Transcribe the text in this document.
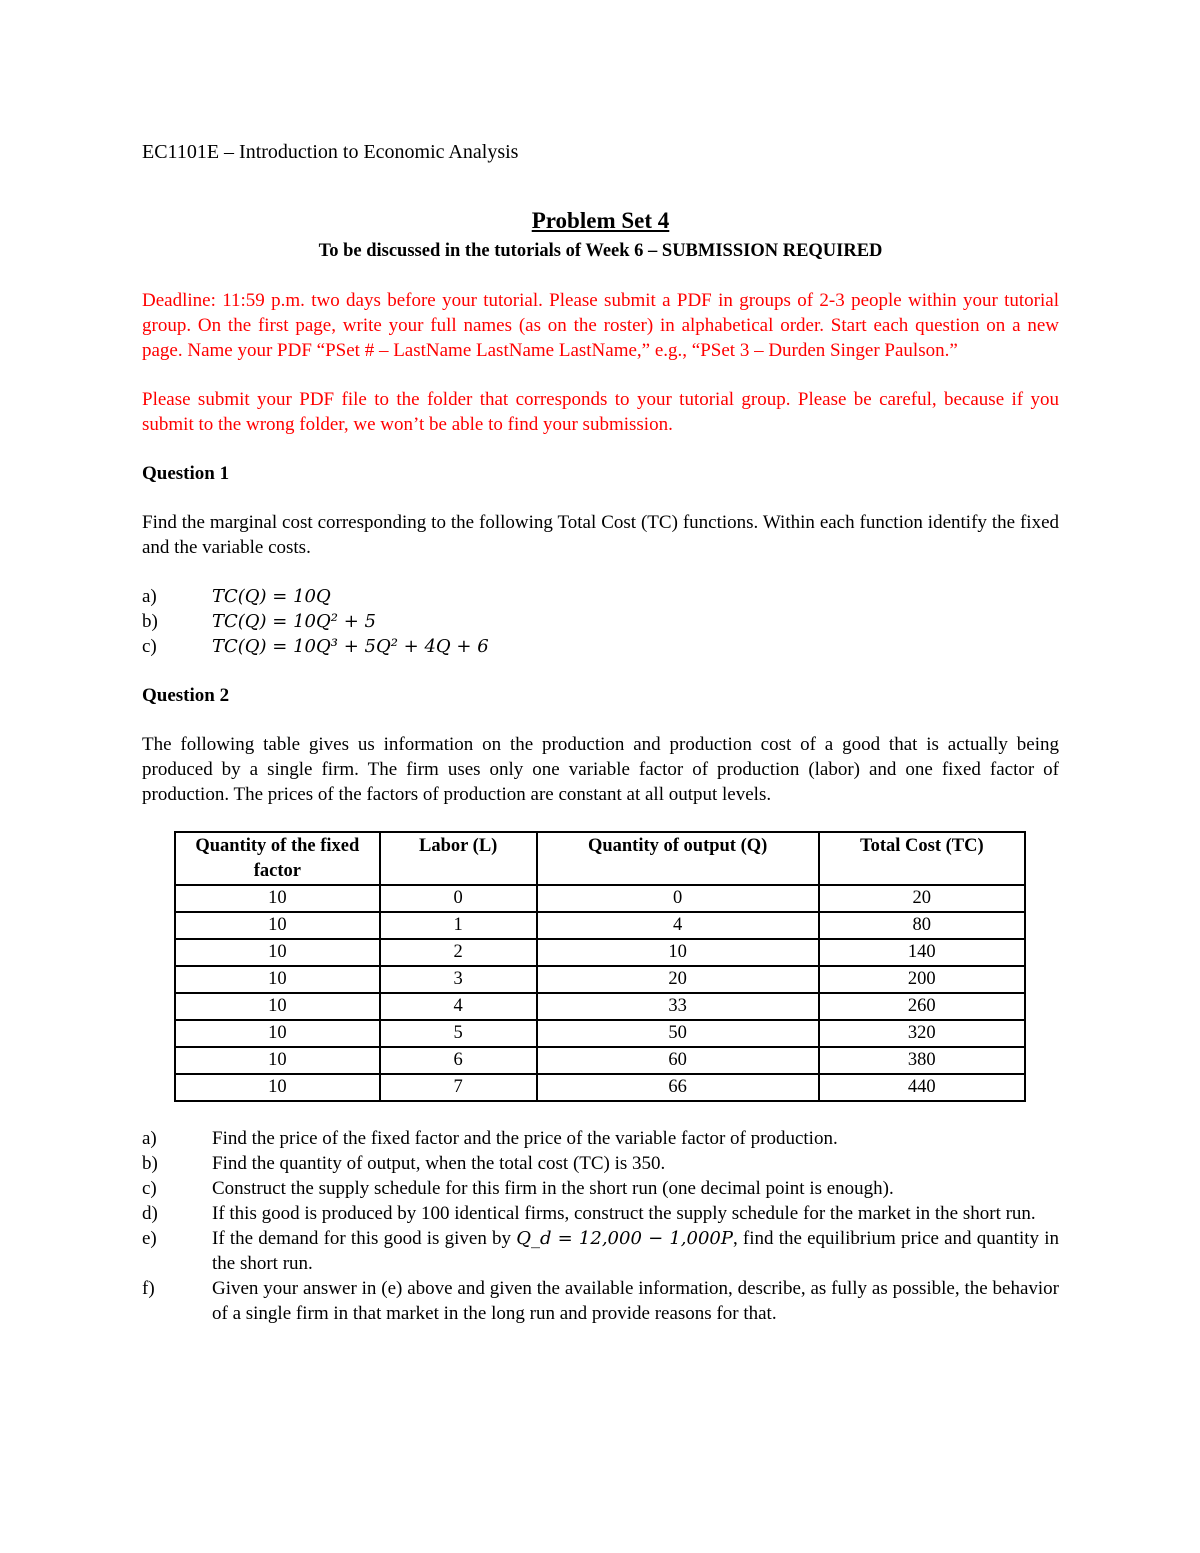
EC1101E – Introduction to Economic Analysis

Problem Set 4

To be discussed in the tutorials of Week 6 – SUBMISSION REQUIRED

Deadline: 11:59 p.m. two days before your tutorial. Please submit a PDF in groups of 2-3 people within your tutorial group. On the first page, write your full names (as on the roster) in alphabetical order. Start each question on a new page. Name your PDF “PSet # – LastName LastName LastName,” e.g., “PSet 3 – Durden Singer Paulson.”

Please submit your PDF file to the folder that corresponds to your tutorial group. Please be careful, because if you submit to the wrong folder, we won’t be able to find your submission.

Question 1

Find the marginal cost corresponding to the following Total Cost (TC) functions. Within each function identify the fixed and the variable costs.

a)	TC(Q) = 10Q
b)	TC(Q) = 10Q² + 5
c)	TC(Q) = 10Q³ + 5Q² + 4Q + 6

Question 2

The following table gives us information on the production and production cost of a good that is actually being produced by a single firm. The firm uses only one variable factor of production (labor) and one fixed factor of production. The prices of the factors of production are constant at all output levels.

Quantity of the fixed factor	Labor (L)	Quantity of output (Q)	Total Cost (TC)
10	0	0	20
10	1	4	80
10	2	10	140
10	3	20	200
10	4	33	260
10	5	50	320
10	6	60	380
10	7	66	440
a)	Find the price of the fixed factor and the price of the variable factor of production.
b)	Find the quantity of output, when the total cost (TC) is 350.
c)	Construct the supply schedule for this firm in the short run (one decimal point is enough).
d)	If this good is produced by 100 identical firms, construct the supply schedule for the market in the short run.
e)	If the demand for this good is given by Q_d = 12,000 − 1,000P, find the equilibrium price and quantity in the short run.
f)	Given your answer in (e) above and given the available information, describe, as fully as possible, the behavior of a single firm in that market in the long run and provide reasons for that.
